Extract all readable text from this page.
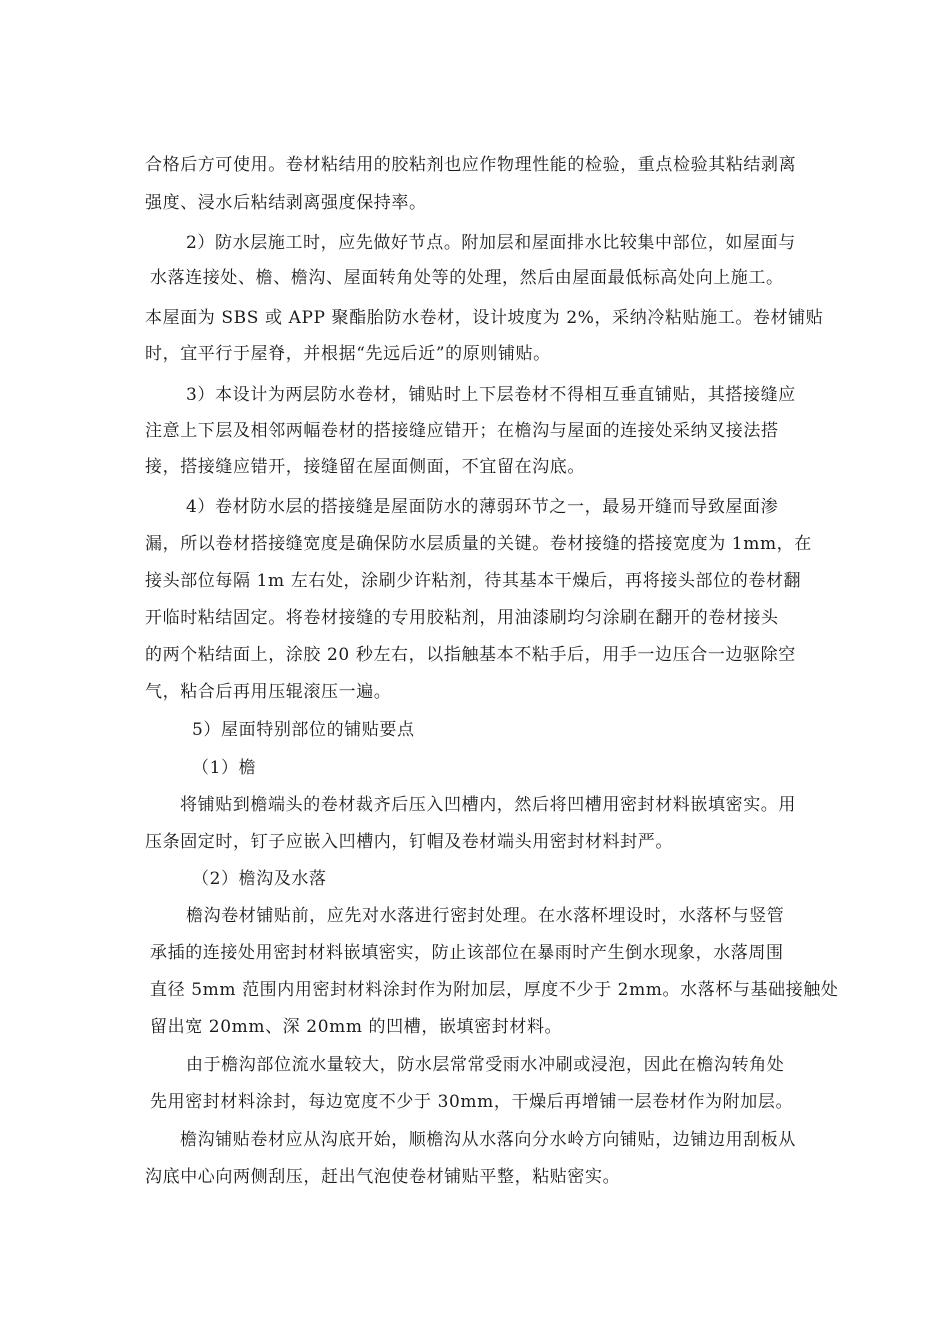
合格后方可使用。卷材粘结用的胶粘剂也应作物理性能的检验，重点检验其粘结剥离
强度、浸水后粘结剥离强度保持率。
2）防水层施工时，应先做好节点。附加层和屋面排水比较集中部位，如屋面与
水落连接处、檐、檐沟、屋面转角处等的处理，然后由屋面最低标高处向上施工。
本屋面为 SBS 或 APP 聚酯胎防水卷材，设计坡度为 2%，采纳冷粘贴施工。卷材铺贴
时，宜平行于屋脊，并根据“先远后近”的原则铺贴。
3）本设计为两层防水卷材，铺贴时上下层卷材不得相互垂直铺贴，其搭接缝应
注意上下层及相邻两幅卷材的搭接缝应错开；在檐沟与屋面的连接处采纳叉接法搭
接，搭接缝应错开，接缝留在屋面侧面，不宜留在沟底。
4）卷材防水层的搭接缝是屋面防水的薄弱环节之一，最易开缝而导致屋面渗
漏，所以卷材搭接缝宽度是确保防水层质量的关键。卷材接缝的搭接宽度为 1mm，在
接头部位每隔 1m 左右处，涂刷少许粘剂，待其基本干燥后，再将接头部位的卷材翻
开临时粘结固定。将卷材接缝的专用胶粘剂，用油漆刷均匀涂刷在翻开的卷材接头
的两个粘结面上，涂胶 20 秒左右，以指触基本不粘手后，用手一边压合一边驱除空
气，粘合后再用压辊滚压一遍。
5）屋面特别部位的铺贴要点
（1）檐
将铺贴到檐端头的卷材裁齐后压入凹槽内，然后将凹槽用密封材料嵌填密实。用
压条固定时，钉子应嵌入凹槽内，钉帽及卷材端头用密封材料封严。
（2）檐沟及水落
檐沟卷材铺贴前，应先对水落进行密封处理。在水落杯埋设时，水落杯与竖管
承插的连接处用密封材料嵌填密实，防止该部位在暴雨时产生倒水现象，水落周围
直径 5mm 范围内用密封材料涂封作为附加层，厚度不少于 2mm。水落杯与基础接触处
留出宽 20mm、深 20mm 的凹槽，嵌填密封材料。
由于檐沟部位流水量较大，防水层常常受雨水冲刷或浸泡，因此在檐沟转角处
先用密封材料涂封，每边宽度不少于 30mm，干燥后再增铺一层卷材作为附加层。
檐沟铺贴卷材应从沟底开始，顺檐沟从水落向分水岭方向铺贴，边铺边用刮板从
沟底中心向两侧刮压，赶出气泡使卷材铺贴平整，粘贴密实。
